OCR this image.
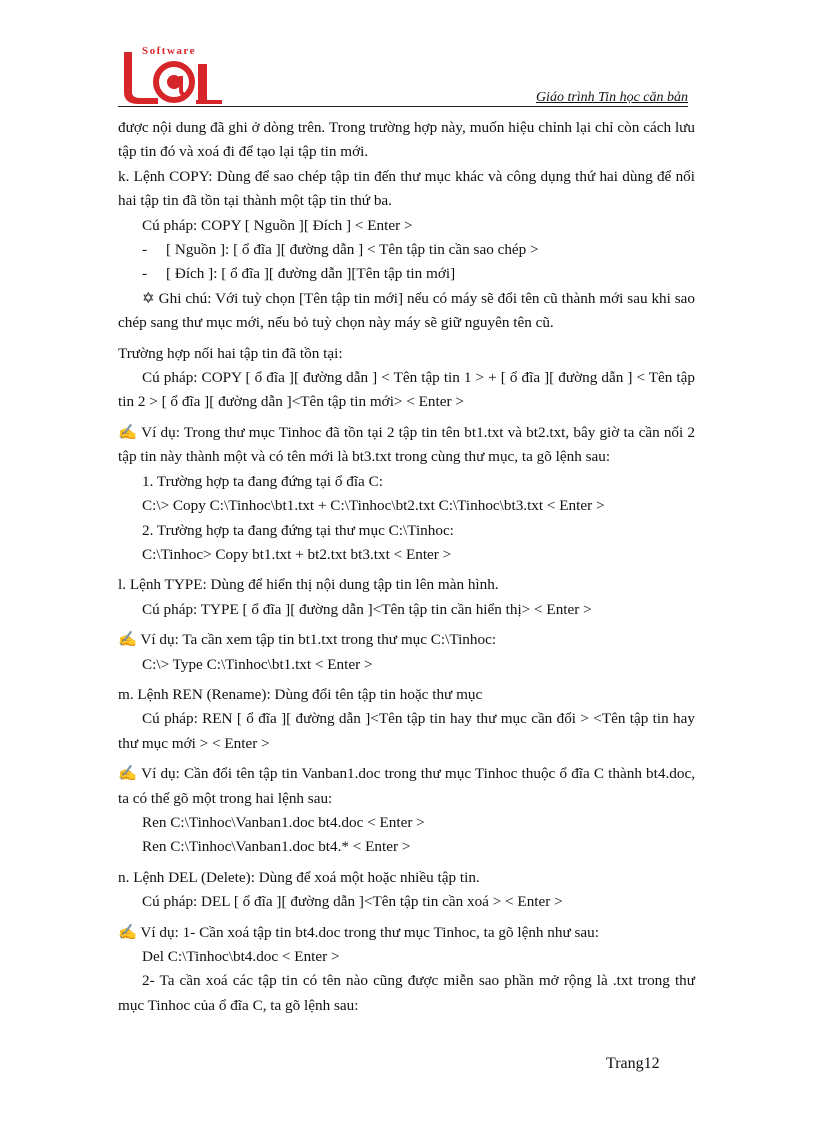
Software
Giáo trình Tin học căn bản

được nội dung đã ghi ở dòng trên. Trong trường hợp này, muốn hiệu chỉnh lại chỉ còn cách lưu tập tin đó và xoá đi để tạo lại tập tin mới.

k. Lệnh COPY: Dùng để sao chép tập tin đến thư mục khác và công dụng thứ hai dùng để nối hai tập tin đã tồn tại thành một tập tin thứ ba.

Cú pháp: COPY [ Nguồn ][ Đích ] < Enter >

- [ Nguồn ]: [ ổ đĩa ][ đường dẫn ] < Tên tập tin cần sao chép >

- [ Đích ]: [ ổ đĩa ][ đường dẫn ][Tên tập tin mới]

✡ Ghi chú: Với tuỳ chọn [Tên tập tin mới] nếu có máy sẽ đổi tên cũ thành mới sau khi sao chép sang thư mục mới, nếu bỏ tuỳ chọn này máy sẽ giữ nguyên tên cũ.

Trường hợp nối hai tập tin đã tồn tại:

Cú pháp: COPY [ ổ đĩa ][ đường dẫn ] < Tên tập tin 1 > + [ ổ đĩa ][ đường dẫn ] < Tên tập tin 2 > [ ổ đĩa ][ đường dẫn ]<Tên tập tin mới> < Enter >

✍ Ví dụ: Trong thư mục Tinhoc đã tồn tại 2 tập tin tên bt1.txt và bt2.txt, bây giờ ta cần nối 2 tập tin này thành một và có tên mới là bt3.txt trong cùng thư mục, ta gõ lệnh sau:

1. Trường hợp ta đang đứng tại ổ đĩa C:

C:\> Copy C:\Tinhoc\bt1.txt + C:\Tinhoc\bt2.txt C:\Tinhoc\bt3.txt < Enter >

2. Trường hợp ta đang đứng tại thư mục C:\Tinhoc:

C:\Tinhoc> Copy bt1.txt + bt2.txt bt3.txt < Enter >

l. Lệnh TYPE: Dùng để hiển thị nội dung tập tin lên màn hình.

Cú pháp: TYPE [ ổ đĩa ][ đường dẫn ]<Tên tập tin cần hiển thị> < Enter >

✍ Ví dụ: Ta cần xem tập tin bt1.txt trong thư mục C:\Tinhoc:

C:\> Type C:\Tinhoc\bt1.txt < Enter >

m. Lệnh REN (Rename): Dùng đổi tên tập tin hoặc thư mục

Cú pháp: REN [ ổ đĩa ][ đường dẫn ]<Tên tập tin hay thư mục cần đổi > <Tên tập tin hay thư mục mới > < Enter >

✍ Ví dụ: Cần đổi tên tập tin Vanban1.doc trong thư mục Tinhoc thuộc ổ đĩa C thành bt4.doc, ta có thể gõ một trong hai lệnh sau:

Ren C:\Tinhoc\Vanban1.doc bt4.doc < Enter >

Ren C:\Tinhoc\Vanban1.doc bt4.* < Enter >

n. Lệnh DEL (Delete): Dùng để xoá một hoặc nhiều tập tin.

Cú pháp: DEL [ ổ đĩa ][ đường dẫn ]<Tên tập tin cần xoá > < Enter >

✍ Ví dụ: 1- Cần xoá tập tin bt4.doc trong thư mục Tinhoc, ta gõ lệnh như sau:

Del C:\Tinhoc\bt4.doc < Enter >

2- Ta cần xoá các tập tin có tên nào cũng được miễn sao phần mở rộng là .txt trong thư mục Tinhoc của ổ đĩa C, ta gõ lệnh sau:

Trang12
